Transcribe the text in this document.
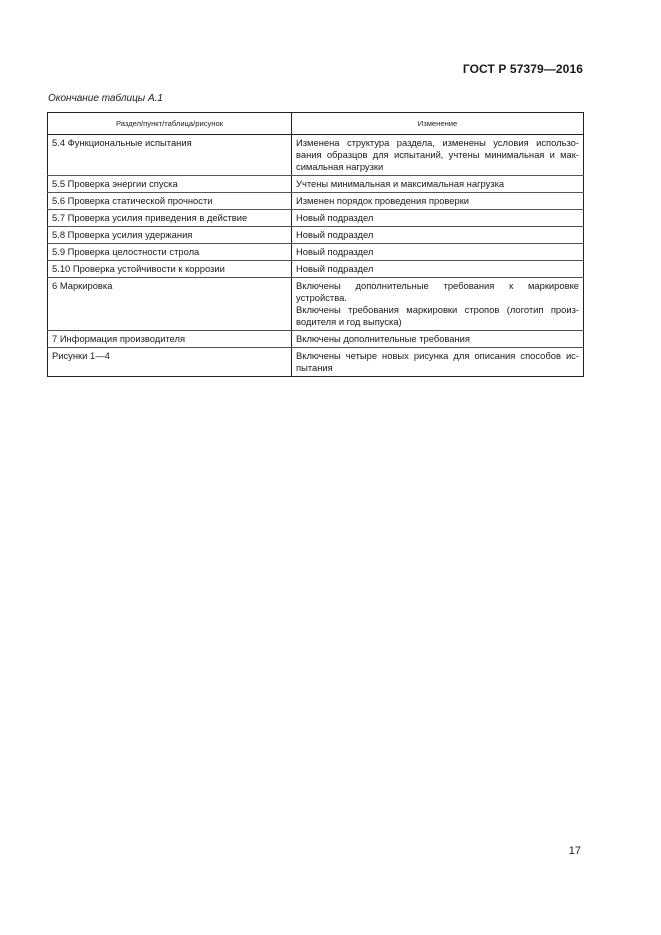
ГОСТ Р 57379—2016
Окончание таблицы А.1
Раздел/пункт/таблица/рисунок	Изменение
5.4 Функциональные испытания	Изменена структура раздела, изменены условия использо-
вания образцов для испытаний, учтены минимальная и мак-
симальная нагрузки

5.5 Проверка энергии спуска	Учтены минимальная и максимальная нагрузка

5.6 Проверка статической прочности	Изменен порядок проведения проверки

5.7 Проверка усилия приведения в действие	Новый подраздел

5.8 Проверка усилия удержания	Новый подраздел

5.9 Проверка целостности строла	Новый подраздел

5.10 Проверка устойчивости к коррозии	Новый подраздел

6 Маркировка	Включены дополнительные требования к маркировке
устройства.
Включены требования маркировки стропов (логотип произ-
водителя и год выпуска)

7 Информация производителя	Включены дополнительные требования

Рисунки 1—4	Включены четыре новых рисунка для описания способов ис-
пытания
17
